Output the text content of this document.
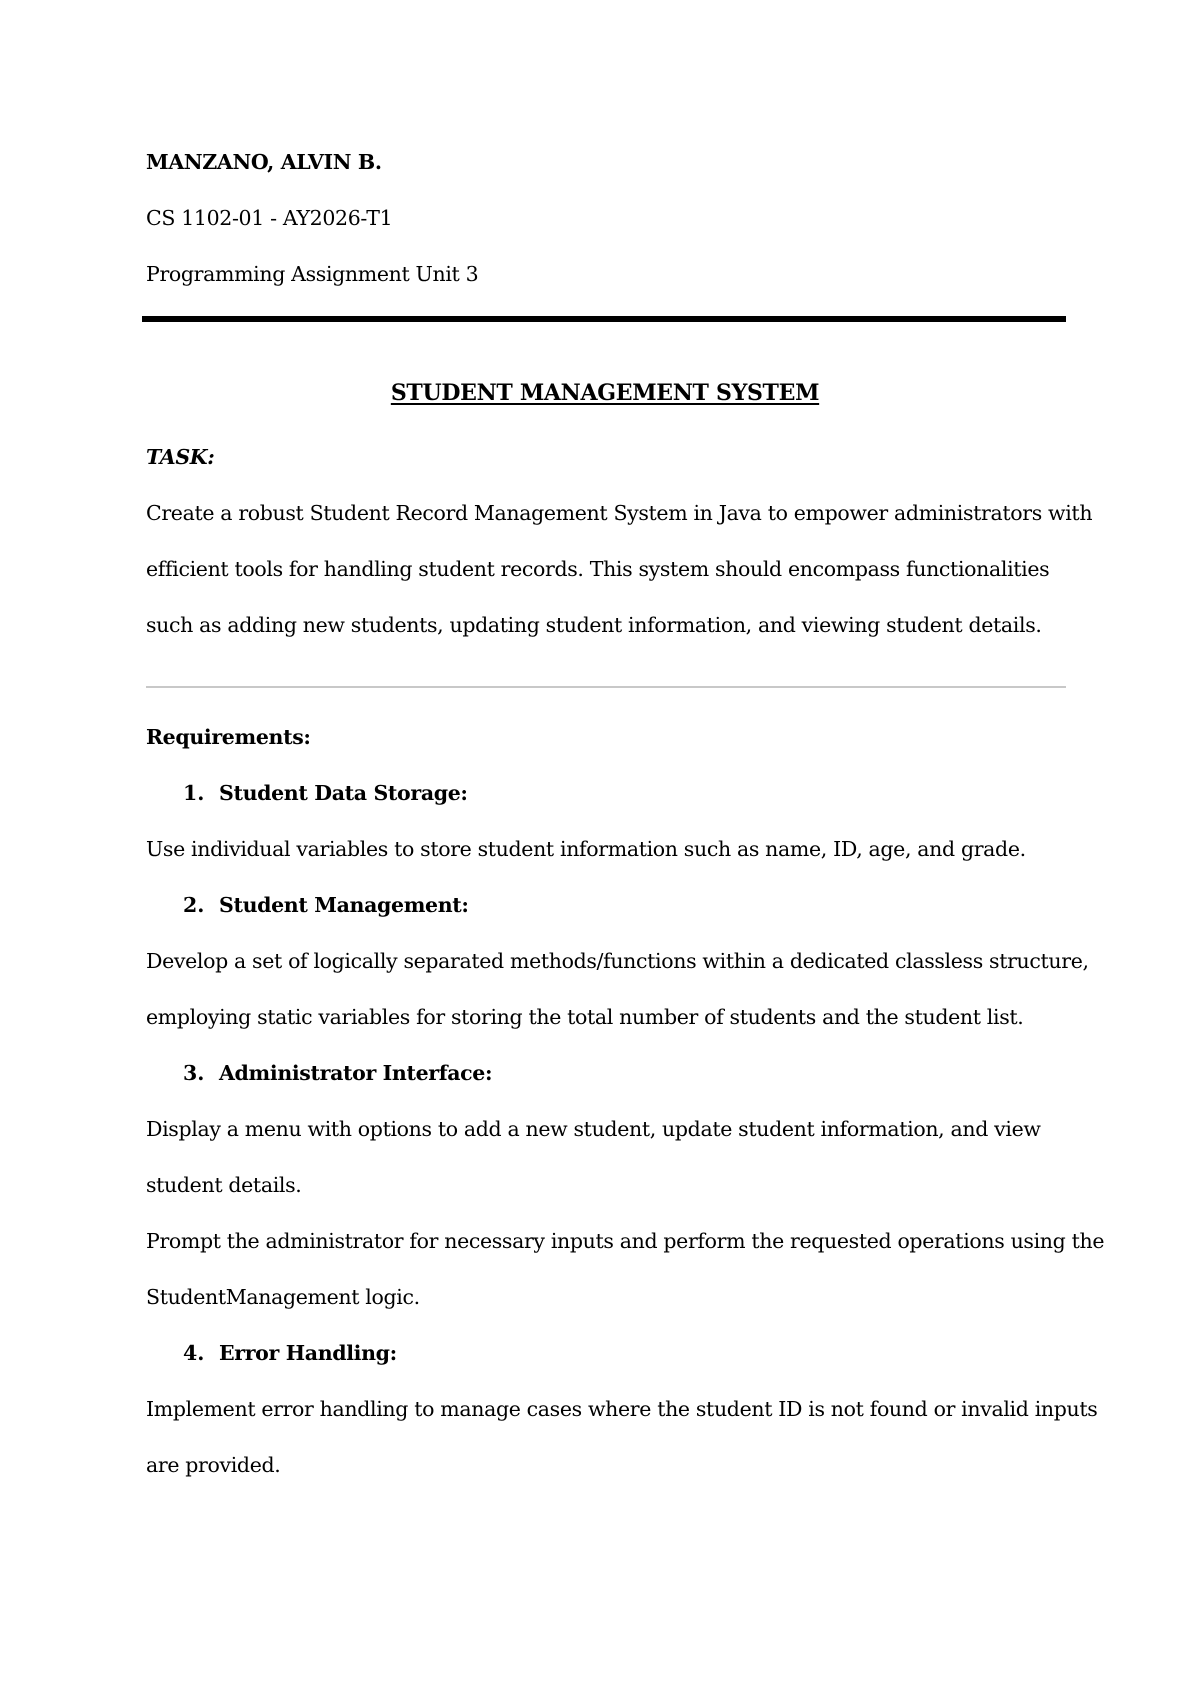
MANZANO, ALVIN B.
CS 1102-01 - AY2026-T1
Programming Assignment Unit 3
STUDENT MANAGEMENT SYSTEM
TASK:
Create a robust Student Record Management System in Java to empower administrators with
efficient tools for handling student records. This system should encompass functionalities
such as adding new students, updating student information, and viewing student details.
Requirements:
1. Student Data Storage:
Use individual variables to store student information such as name, ID, age, and grade.
2. Student Management:
Develop a set of logically separated methods/functions within a dedicated classless structure,
employing static variables for storing the total number of students and the student list.
3. Administrator Interface:
Display a menu with options to add a new student, update student information, and view
student details.
Prompt the administrator for necessary inputs and perform the requested operations using the
StudentManagement logic.
4. Error Handling:
Implement error handling to manage cases where the student ID is not found or invalid inputs
are provided.
